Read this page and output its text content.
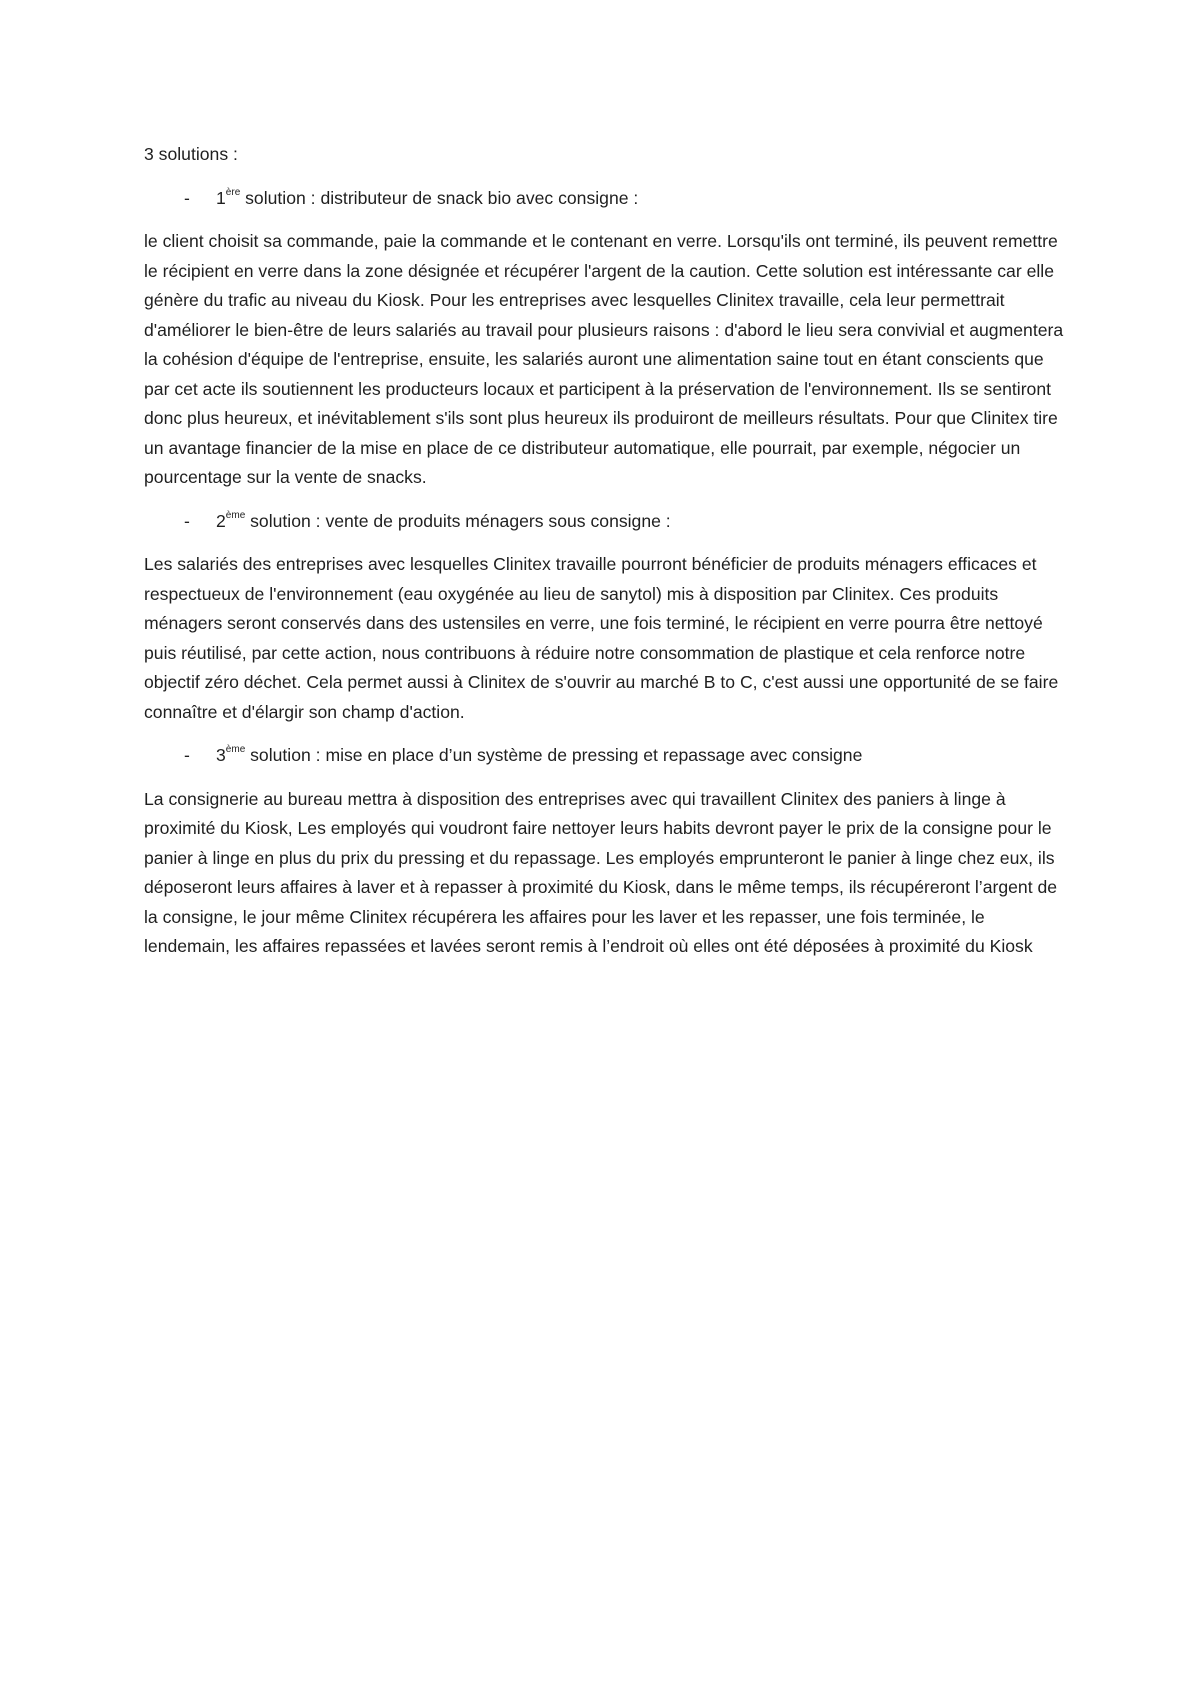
3 solutions :

- 1ère solution : distributeur de snack bio avec consigne :

le client choisit sa commande, paie la commande et le contenant en verre. Lorsqu'ils ont terminé, ils peuvent remettre le récipient en verre dans la zone désignée et récupérer l'argent de la caution. Cette solution est intéressante car elle génère du trafic au niveau du Kiosk. Pour les entreprises avec lesquelles Clinitex travaille, cela leur permettrait d'améliorer le bien-être de leurs salariés au travail pour plusieurs raisons : d'abord le lieu sera convivial et augmentera la cohésion d'équipe de l'entreprise, ensuite, les salariés auront une alimentation saine tout en étant conscients que par cet acte ils soutiennent les producteurs locaux et participent à la préservation de l'environnement. Ils se sentiront donc plus heureux, et inévitablement s'ils sont plus heureux ils produiront de meilleurs résultats. Pour que Clinitex tire un avantage financier de la mise en place de ce distributeur automatique, elle pourrait, par exemple, négocier un pourcentage sur la vente de snacks.

- 2ème solution : vente de produits ménagers sous consigne :

Les salariés des entreprises avec lesquelles Clinitex travaille pourront bénéficier de produits ménagers efficaces et respectueux de l'environnement (eau oxygénée au lieu de sanytol) mis à disposition par Clinitex. Ces produits ménagers seront conservés dans des ustensiles en verre, une fois terminé, le récipient en verre pourra être nettoyé puis réutilisé, par cette action, nous contribuons à réduire notre consommation de plastique et cela renforce notre objectif zéro déchet. Cela permet aussi à Clinitex de s'ouvrir au marché B to C, c'est aussi une opportunité de se faire connaître et d'élargir son champ d'action.

- 3ème solution : mise en place d’un système de pressing et repassage avec consigne

La consignerie au bureau mettra à disposition des entreprises avec qui travaillent Clinitex des paniers à linge à proximité du Kiosk, Les employés qui voudront faire nettoyer leurs habits devront payer le prix de la consigne pour le panier à linge en plus du prix du pressing et du repassage. Les employés emprunteront le panier à linge chez eux, ils déposeront leurs affaires à laver et à repasser à proximité du Kiosk, dans le même temps, ils récupéreront l’argent de la consigne, le jour même Clinitex récupérera les affaires pour les laver et les repasser, une fois terminée, le lendemain, les affaires repassées et lavées seront remis à l’endroit où elles ont été déposées à proximité du Kiosk
